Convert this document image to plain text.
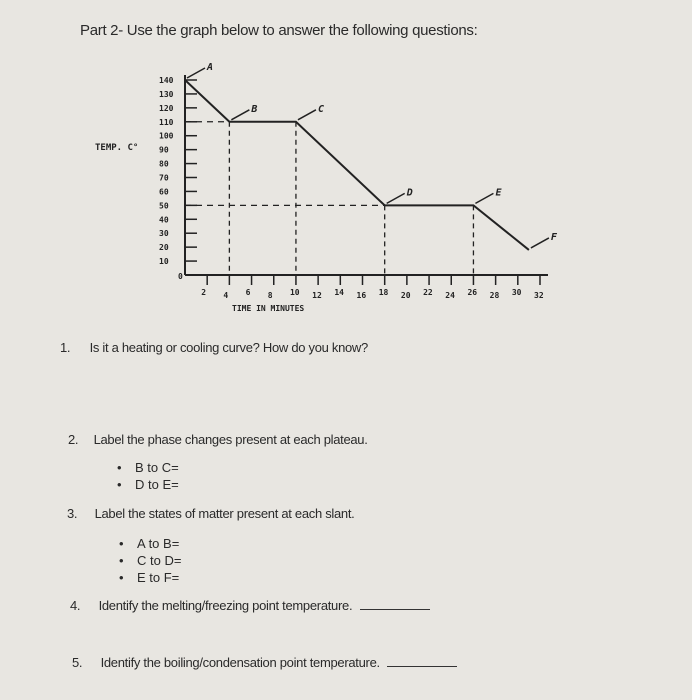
Part 2- Use the graph below to answer the following questions:
TEMP. C°
TIME IN MINUTES
0
10
20
30
40
50
60
70
80
90
100
110
120
130
140
2 4 6 8 10 12 14 16 18 20 22 24 26 28 30 32
A
B	C
D	E
F
1. Is it a heating or cooling curve? How do you know?
2. Label the phase changes present at each plateau.
• B to C=
• D to E=
3. Label the states of matter present at each slant.
• A to B=
• C to D=
• E to F=
4. Identify the melting/freezing point temperature.
5. Identify the boiling/condensation point temperature.
